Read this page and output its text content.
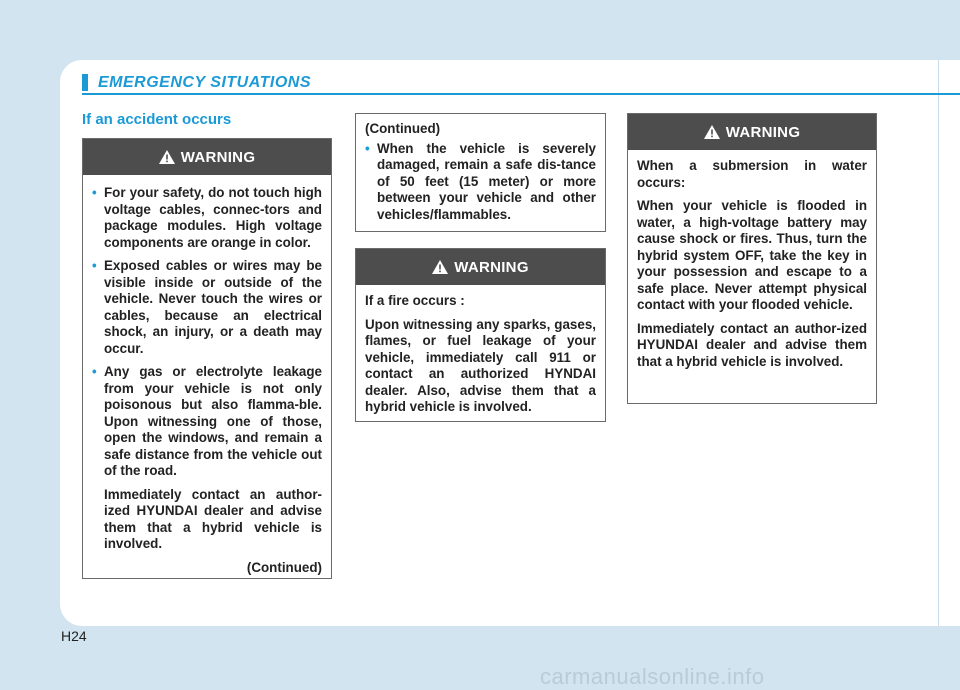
EMERGENCY SITUATIONS
If an accident occurs
WARNING
• For your safety, do not touch high voltage cables, connec-tors and package modules. High voltage components are orange in color.
• Exposed cables or wires may be visible inside or outside of the vehicle. Never touch the wires or cables, because an electrical shock, an injury, or a death may occur.
• Any gas or electrolyte leakage from your vehicle is not only poisonous but also flamma-ble. Upon witnessing one of those, open the windows, and remain a safe distance from the vehicle out of the road.
Immediately contact an author-ized HYUNDAI dealer and advise them that a hybrid vehicle is involved.
(Continued)

(Continued)

• When the vehicle is severely damaged, remain a safe dis-tance of 50 feet (15 meter) or more between your vehicle and other vehicles/flammables.
WARNING

If a fire occurs :

Upon witnessing any sparks, gases, flames, or fuel leakage of your vehicle, immediately call 911 or contact an authorized HYNDAI dealer. Also, advise them that a hybrid vehicle is involved.

WARNING

When a submersion in water occurs:

When your vehicle is flooded in water, a high-voltage battery may cause shock or fires. Thus, turn the hybrid system OFF, take the key in your possession and escape to a safe place. Never attempt physical contact with your flooded vehicle.

Immediately contact an author-ized HYUNDAI dealer and advise them that a hybrid vehicle is involved.

H24
carmanualsonline.info
